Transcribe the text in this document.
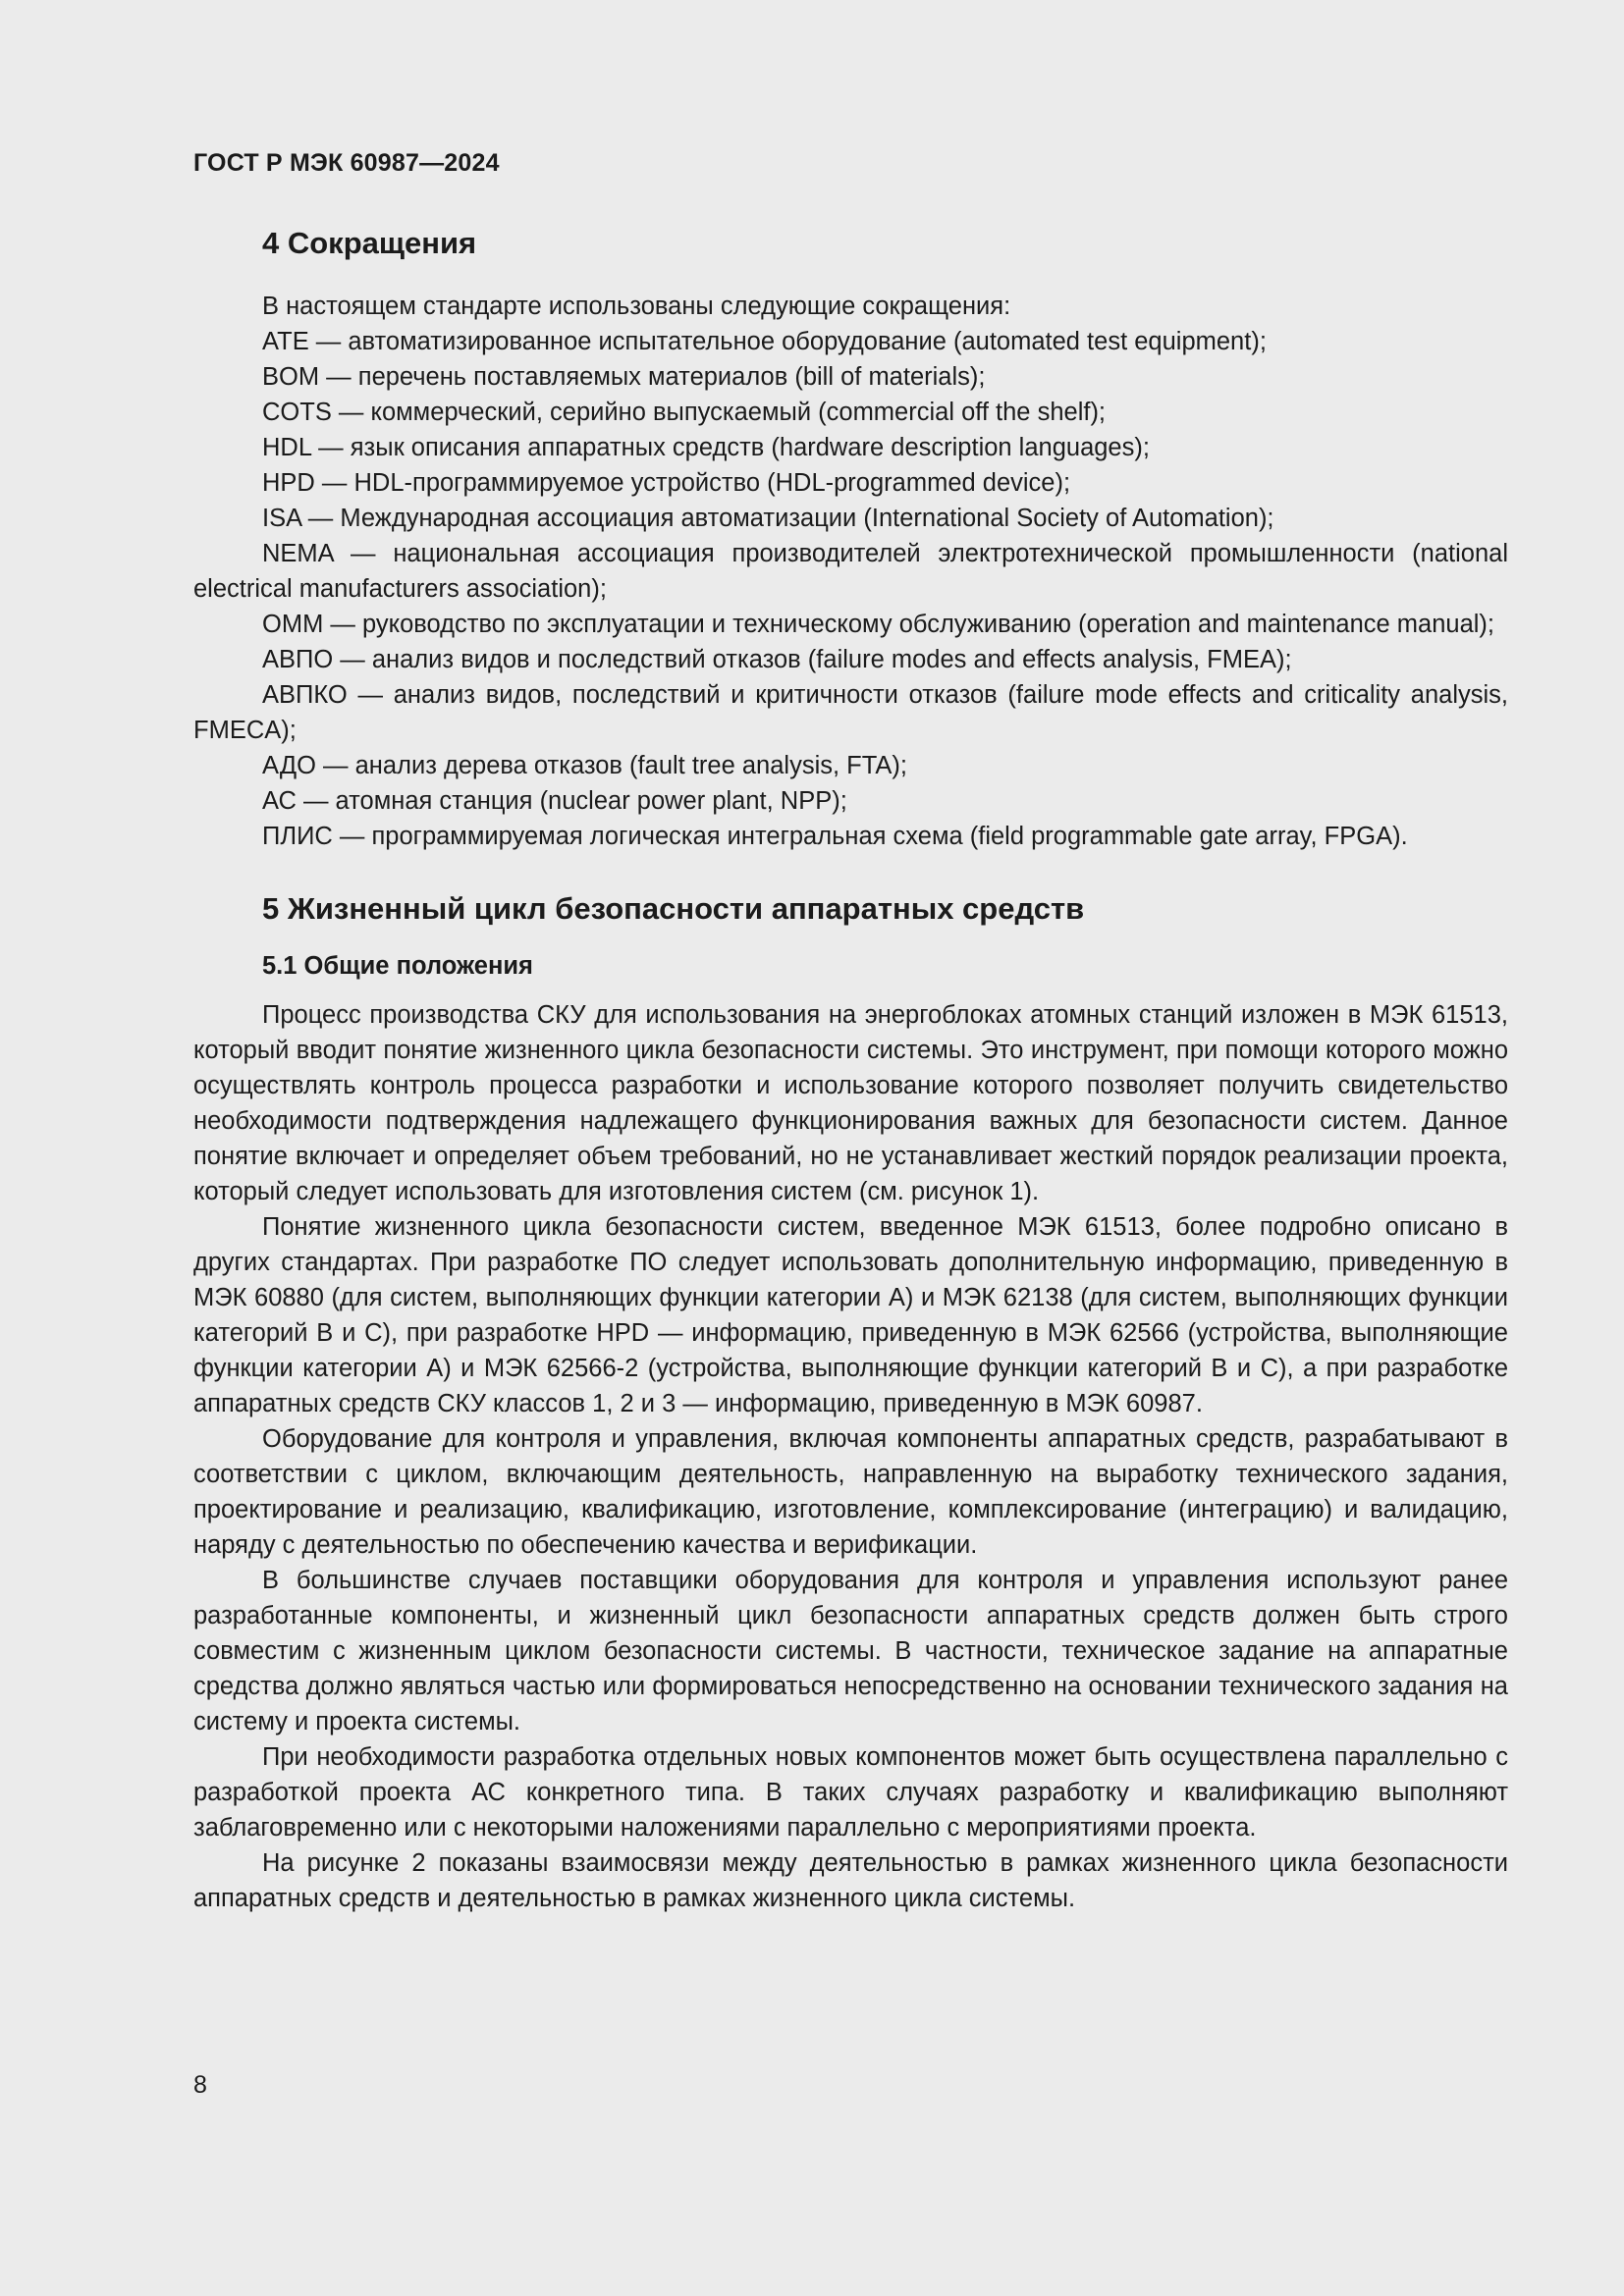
ГОСТ Р МЭК 60987—2024
4 Сокращения

В настоящем стандарте использованы следующие сокращения:

ATE — автоматизированное испытательное оборудование (automated test equipment);

BOM — перечень поставляемых материалов (bill of materials);

COTS — коммерческий, серийно выпускаемый (commercial off the shelf);

HDL — язык описания аппаратных средств (hardware description languages);

HPD — HDL-программируемое устройство (HDL-programmed device);

ISA — Международная ассоциация автоматизации (International Society of Automation);

NEMA — национальная ассоциация производителей электротехнической промышленности (national electrical manufacturers association);

OMM — руководство по эксплуатации и техническому обслуживанию (operation and maintenance manual);

АВПО — анализ видов и последствий отказов (failure modes and effects analysis, FMEA);

АВПКО — анализ видов, последствий и критичности отказов (failure mode effects and criticality analysis, FMECA);

АДО — анализ дерева отказов (fault tree analysis, FTA);

АС — атомная станция (nuclear power plant, NPP);

ПЛИС — программируемая логическая интегральная схема (field programmable gate array, FPGA).

5 Жизненный цикл безопасности аппаратных средств
5.1 Общие положения

Процесс производства СКУ для использования на энергоблоках атомных станций изложен в МЭК 61513, который вводит понятие жизненного цикла безопасности системы. Это инструмент, при помощи которого можно осуществлять контроль процесса разработки и использование которого позволяет получить свидетельство необходимости подтверждения надлежащего функционирования важных для безопасности систем. Данное понятие включает и определяет объем требований, но не устанавливает жесткий порядок реализации проекта, который следует использовать для изготовления систем (см. рисунок 1).

Понятие жизненного цикла безопасности систем, введенное МЭК 61513, более подробно описано в других стандартах. При разработке ПО следует использовать дополнительную информацию, приведенную в МЭК 60880 (для систем, выполняющих функции категории А) и МЭК 62138 (для систем, выполняющих функции категорий В и С), при разработке HPD — информацию, приведенную в МЭК 62566 (устройства, выполняющие функции категории А) и МЭК 62566-2 (устройства, выполняющие функции категорий В и С), а при разработке аппаратных средств СКУ классов 1, 2 и 3 — информацию, приведенную в МЭК 60987.

Оборудование для контроля и управления, включая компоненты аппаратных средств, разрабатывают в соответствии с циклом, включающим деятельность, направленную на выработку технического задания, проектирование и реализацию, квалификацию, изготовление, комплексирование (интеграцию) и валидацию, наряду с деятельностью по обеспечению качества и верификации.

В большинстве случаев поставщики оборудования для контроля и управления используют ранее разработанные компоненты, и жизненный цикл безопасности аппаратных средств должен быть строго совместим с жизненным циклом безопасности системы. В частности, техническое задание на аппаратные средства должно являться частью или формироваться непосредственно на основании технического задания на систему и проекта системы.

При необходимости разработка отдельных новых компонентов может быть осуществлена параллельно с разработкой проекта АС конкретного типа. В таких случаях разработку и квалификацию выполняют заблаговременно или с некоторыми наложениями параллельно с мероприятиями проекта.

На рисунке 2 показаны взаимосвязи между деятельностью в рамках жизненного цикла безопасности аппаратных средств и деятельностью в рамках жизненного цикла системы.

8
